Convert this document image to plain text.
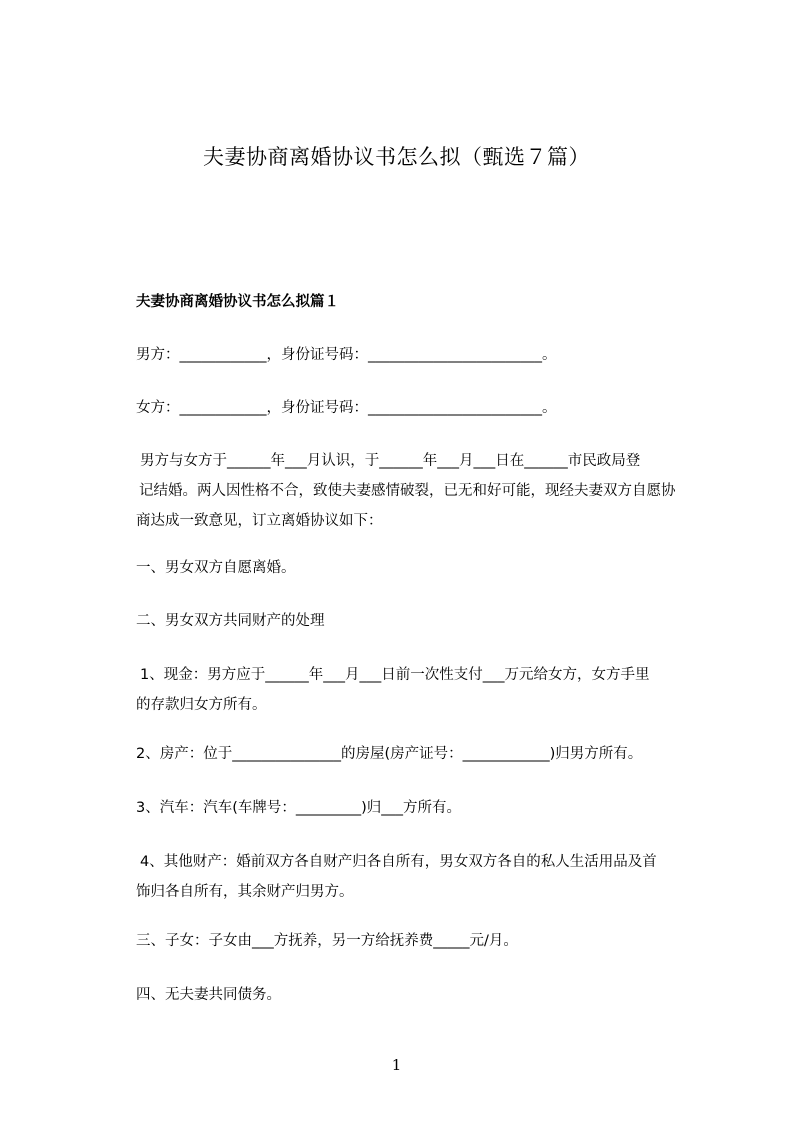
夫妻协商离婚协议书怎么拟（甄选７篇）
夫妻协商离婚协议书怎么拟篇１
男方：____________，身份证号码：________________________。
女方：____________，身份证号码：________________________。
男方与女方于______年___月认识，于______年___月___日在______市民政局登
记结婚。两人因性格不合，致使夫妻感情破裂，已无和好可能，现经夫妻双方自愿协
商达成一致意见，订立离婚协议如下：
一、男女双方自愿离婚。
二、男女双方共同财产的处理
1、现金：男方应于______年___月___日前一次性支付___万元给女方，女方手里
的存款归女方所有。
2、房产：位于_______________的房屋(房产证号：____________)归男方所有。
3、汽车：汽车(车牌号：_________)归___方所有。
4、其他财产：婚前双方各自财产归各自所有，男女双方各自的私人生活用品及首
饰归各自所有，其余财产归男方。
三、子女：子女由___方抚养，另一方给抚养费_____元/月。
四、无夫妻共同债务。
1
